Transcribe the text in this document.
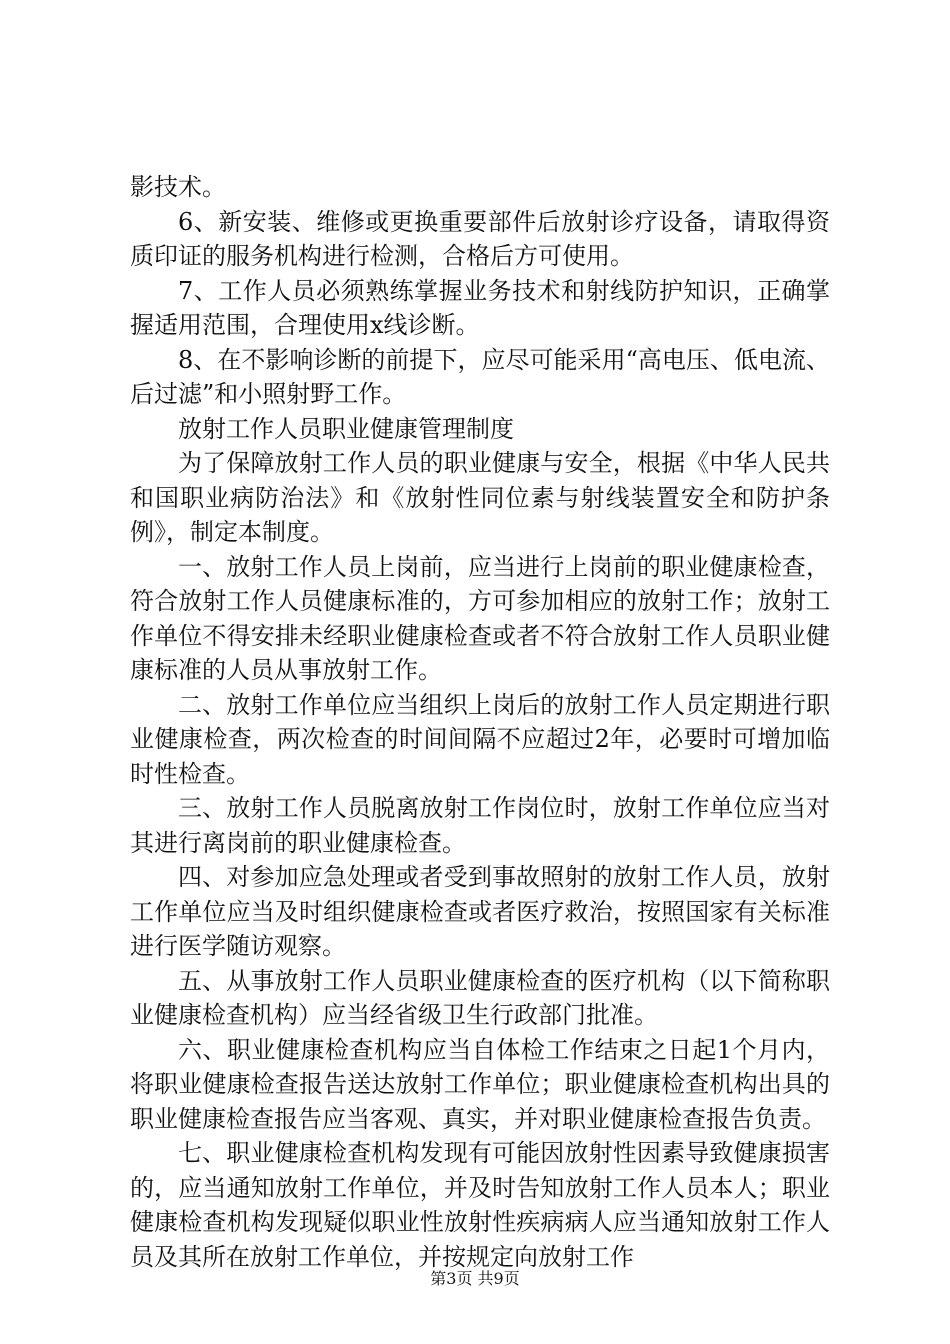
影技术。

6、新安装、维修或更换重要部件后放射诊疗设备，请取得资质印证的服务机构进行检测，合格后方可使用。

7、工作人员必须熟练掌握业务技术和射线防护知识，正确掌握适用范围，合理使用x线诊断。

8、在不影响诊断的前提下，应尽可能采用“高电压、低电流、后过滤”和小照射野工作。

放射工作人员职业健康管理制度

为了保障放射工作人员的职业健康与安全，根据《中华人民共和国职业病防治法》和《放射性同位素与射线装置安全和防护条例》，制定本制度。

一、放射工作人员上岗前，应当进行上岗前的职业健康检查，符合放射工作人员健康标准的，方可参加相应的放射工作；放射工作单位不得安排未经职业健康检查或者不符合放射工作人员职业健康标准的人员从事放射工作。

二、放射工作单位应当组织上岗后的放射工作人员定期进行职业健康检查，两次检查的时间间隔不应超过2年，必要时可增加临时性检查。

三、放射工作人员脱离放射工作岗位时，放射工作单位应当对其进行离岗前的职业健康检查。

四、对参加应急处理或者受到事故照射的放射工作人员，放射工作单位应当及时组织健康检查或者医疗救治，按照国家有关标准进行医学随访观察。

五、从事放射工作人员职业健康检查的医疗机构（以下简称职业健康检查机构）应当经省级卫生行政部门批准。

六、职业健康检查机构应当自体检工作结束之日起1个月内，将职业健康检查报告送达放射工作单位；职业健康检查机构出具的职业健康检查报告应当客观、真实，并对职业健康检查报告负责。

七、职业健康检查机构发现有可能因放射性因素导致健康损害的，应当通知放射工作单位，并及时告知放射工作人员本人；职业健康检查机构发现疑似职业性放射性疾病病人应当通知放射工作人员及其所在放射工作单位，并按规定向放射工作

第3页 共9页
